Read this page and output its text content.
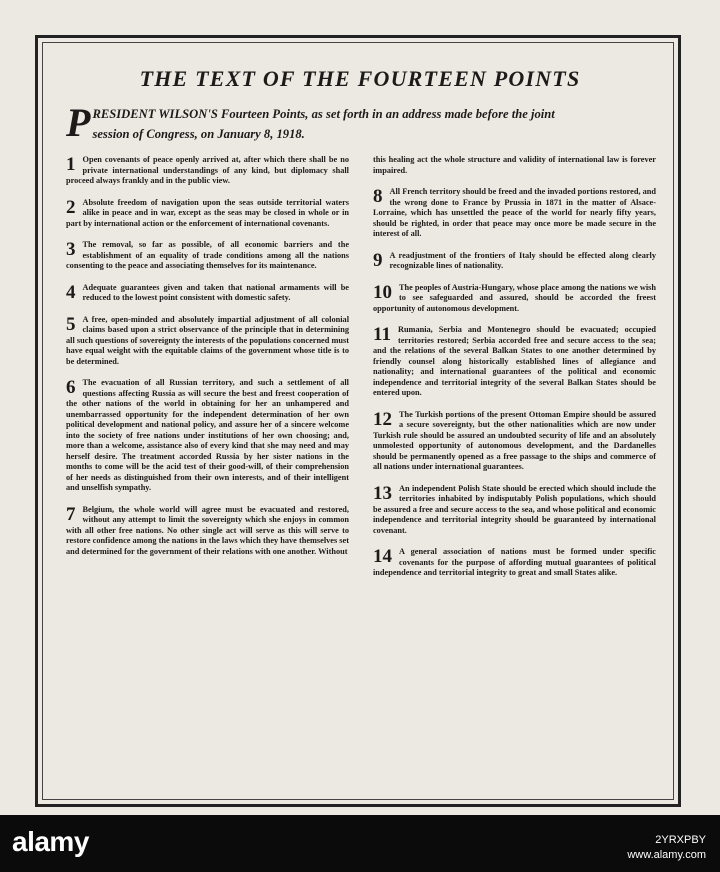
THE TEXT OF THE FOURTEEN POINTS
P RESIDENT WILSON'S Fourteen Points, as set forth in an address made before the joint
session of Congress, on January 8, 1918.
1 Open covenants of peace openly arrived at, after which there shall be no private international understandings of any kind, but diplomacy shall proceed always frankly and in the public view.
2 Absolute freedom of navigation upon the seas outside territorial waters alike in peace and in war, except as the seas may be closed in whole or in part by international action or the enforcement of international covenants.
3 The removal, so far as possible, of all economic barriers and the establishment of an equality of trade conditions among all the nations consenting to the peace and associating themselves for its maintenance.
4 Adequate guarantees given and taken that national armaments will be reduced to the lowest point consistent with domestic safety.
5 A free, open-minded and absolutely impartial adjustment of all colonial claims based upon a strict observance of the principle that in determining all such questions of sovereignty the interests of the populations concerned must have equal weight with the equitable claims of the government whose title is to be determined.
6 The evacuation of all Russian territory, and such a settlement of all questions affecting Russia as will secure the best and freest cooperation of the other nations of the world in obtaining for her an unhampered and unembarrassed opportunity for the independent determination of her own political development and national policy, and assure her of a sincere welcome into the society of free nations under institutions of her own choosing; and, more than a welcome, assistance also of every kind that she may need and may herself desire. The treatment accorded Russia by her sister nations in the months to come will be the acid test of their good-will, of their comprehension of her needs as distinguished from their own interests, and of their intelligent and unselfish sympathy.
7 Belgium, the whole world will agree must be evacuated and restored, without any attempt to limit the sovereignty which she enjoys in common with all other free nations. No other single act will serve as this will serve to restore confidence among the nations in the laws which they have themselves set and determined for the government of their relations with one another. Without
this healing act the whole structure and validity of international law is forever impaired.
8 All French territory should be freed and the invaded portions restored, and the wrong done to France by Prussia in 1871 in the matter of Alsace-Lorraine, which has unsettled the peace of the world for nearly fifty years, should be righted, in order that peace may once more be made secure in the interest of all.
9 A readjustment of the frontiers of Italy should be effected along clearly recognizable lines of nationality.
10 The peoples of Austria-Hungary, whose place among the nations we wish to see safeguarded and assured, should be accorded the freest opportunity of autonomous development.
11 Rumania, Serbia and Montenegro should be evacuated; occupied territories restored; Serbia accorded free and secure access to the sea; and the relations of the several Balkan States to one another determined by friendly counsel along historically established lines of allegiance and nationality; and international guarantees of the political and economic independence and territorial integrity of the several Balkan States should be entered upon.
12 The Turkish portions of the present Ottoman Empire should be assured a secure sovereignty, but the other nationalities which are now under Turkish rule should be assured an undoubted security of life and an absolutely unmolested opportunity of autonomous development, and the Dardanelles should be permanently opened as a free passage to the ships and commerce of all nations under international guarantees.
13 An independent Polish State should be erected which should include the territories inhabited by indisputably Polish populations, which should be assured a free and secure access to the sea, and whose political and economic independence and territorial integrity should be guaranteed by international covenant.
14 A general association of nations must be formed under specific covenants for the purpose of affording mutual guarantees of political independence and territorial integrity to great and small States alike.
alamy	2YRXPBY
www.alamy.com
